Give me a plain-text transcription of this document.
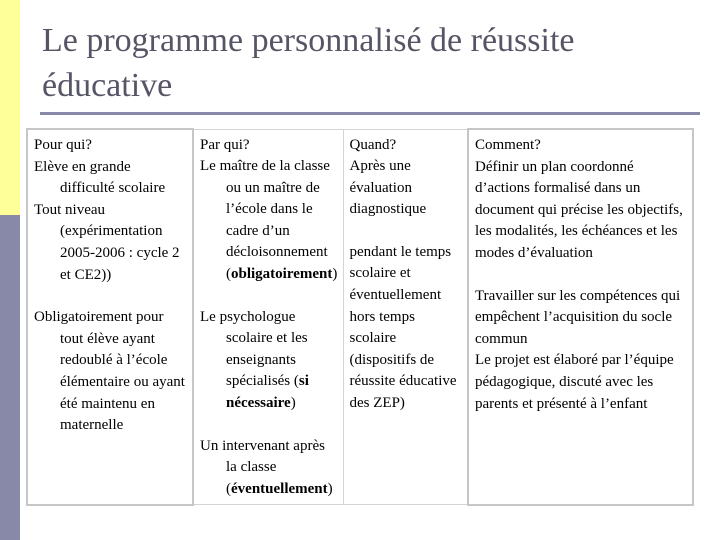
Le programme personnalisé de réussite éducative
Pour qui?

Elève en grande difficulté scolaire

Tout niveau (expérimentation 2005-2006 : cycle 2 et CE2))

Obligatoirement pour tout élève ayant redoublé à l’école élémentaire ou ayant été maintenu en maternelle

Par qui?

Le maître de la classe ou un maître de l’école dans le cadre d’un décloisonnement (obligatoirement)

Le psychologue scolaire et les enseignants spécialisés (si nécessaire)

Un intervenant après la classe (éventuellement)

Quand?

Après une évaluation diagnostique

pendant le temps scolaire et éventuellement hors temps scolaire (dispositifs de réussite éducative des ZEP)

Comment?

Définir un plan coordonné d’actions formalisé dans un document qui précise les objectifs, les modalités, les échéances et les modes d’évaluation

Travailler sur les compétences qui empêchent l’acquisition du socle commun

Le projet est élaboré par l’équipe pédagogique, discuté avec les parents et présenté à l’enfant
